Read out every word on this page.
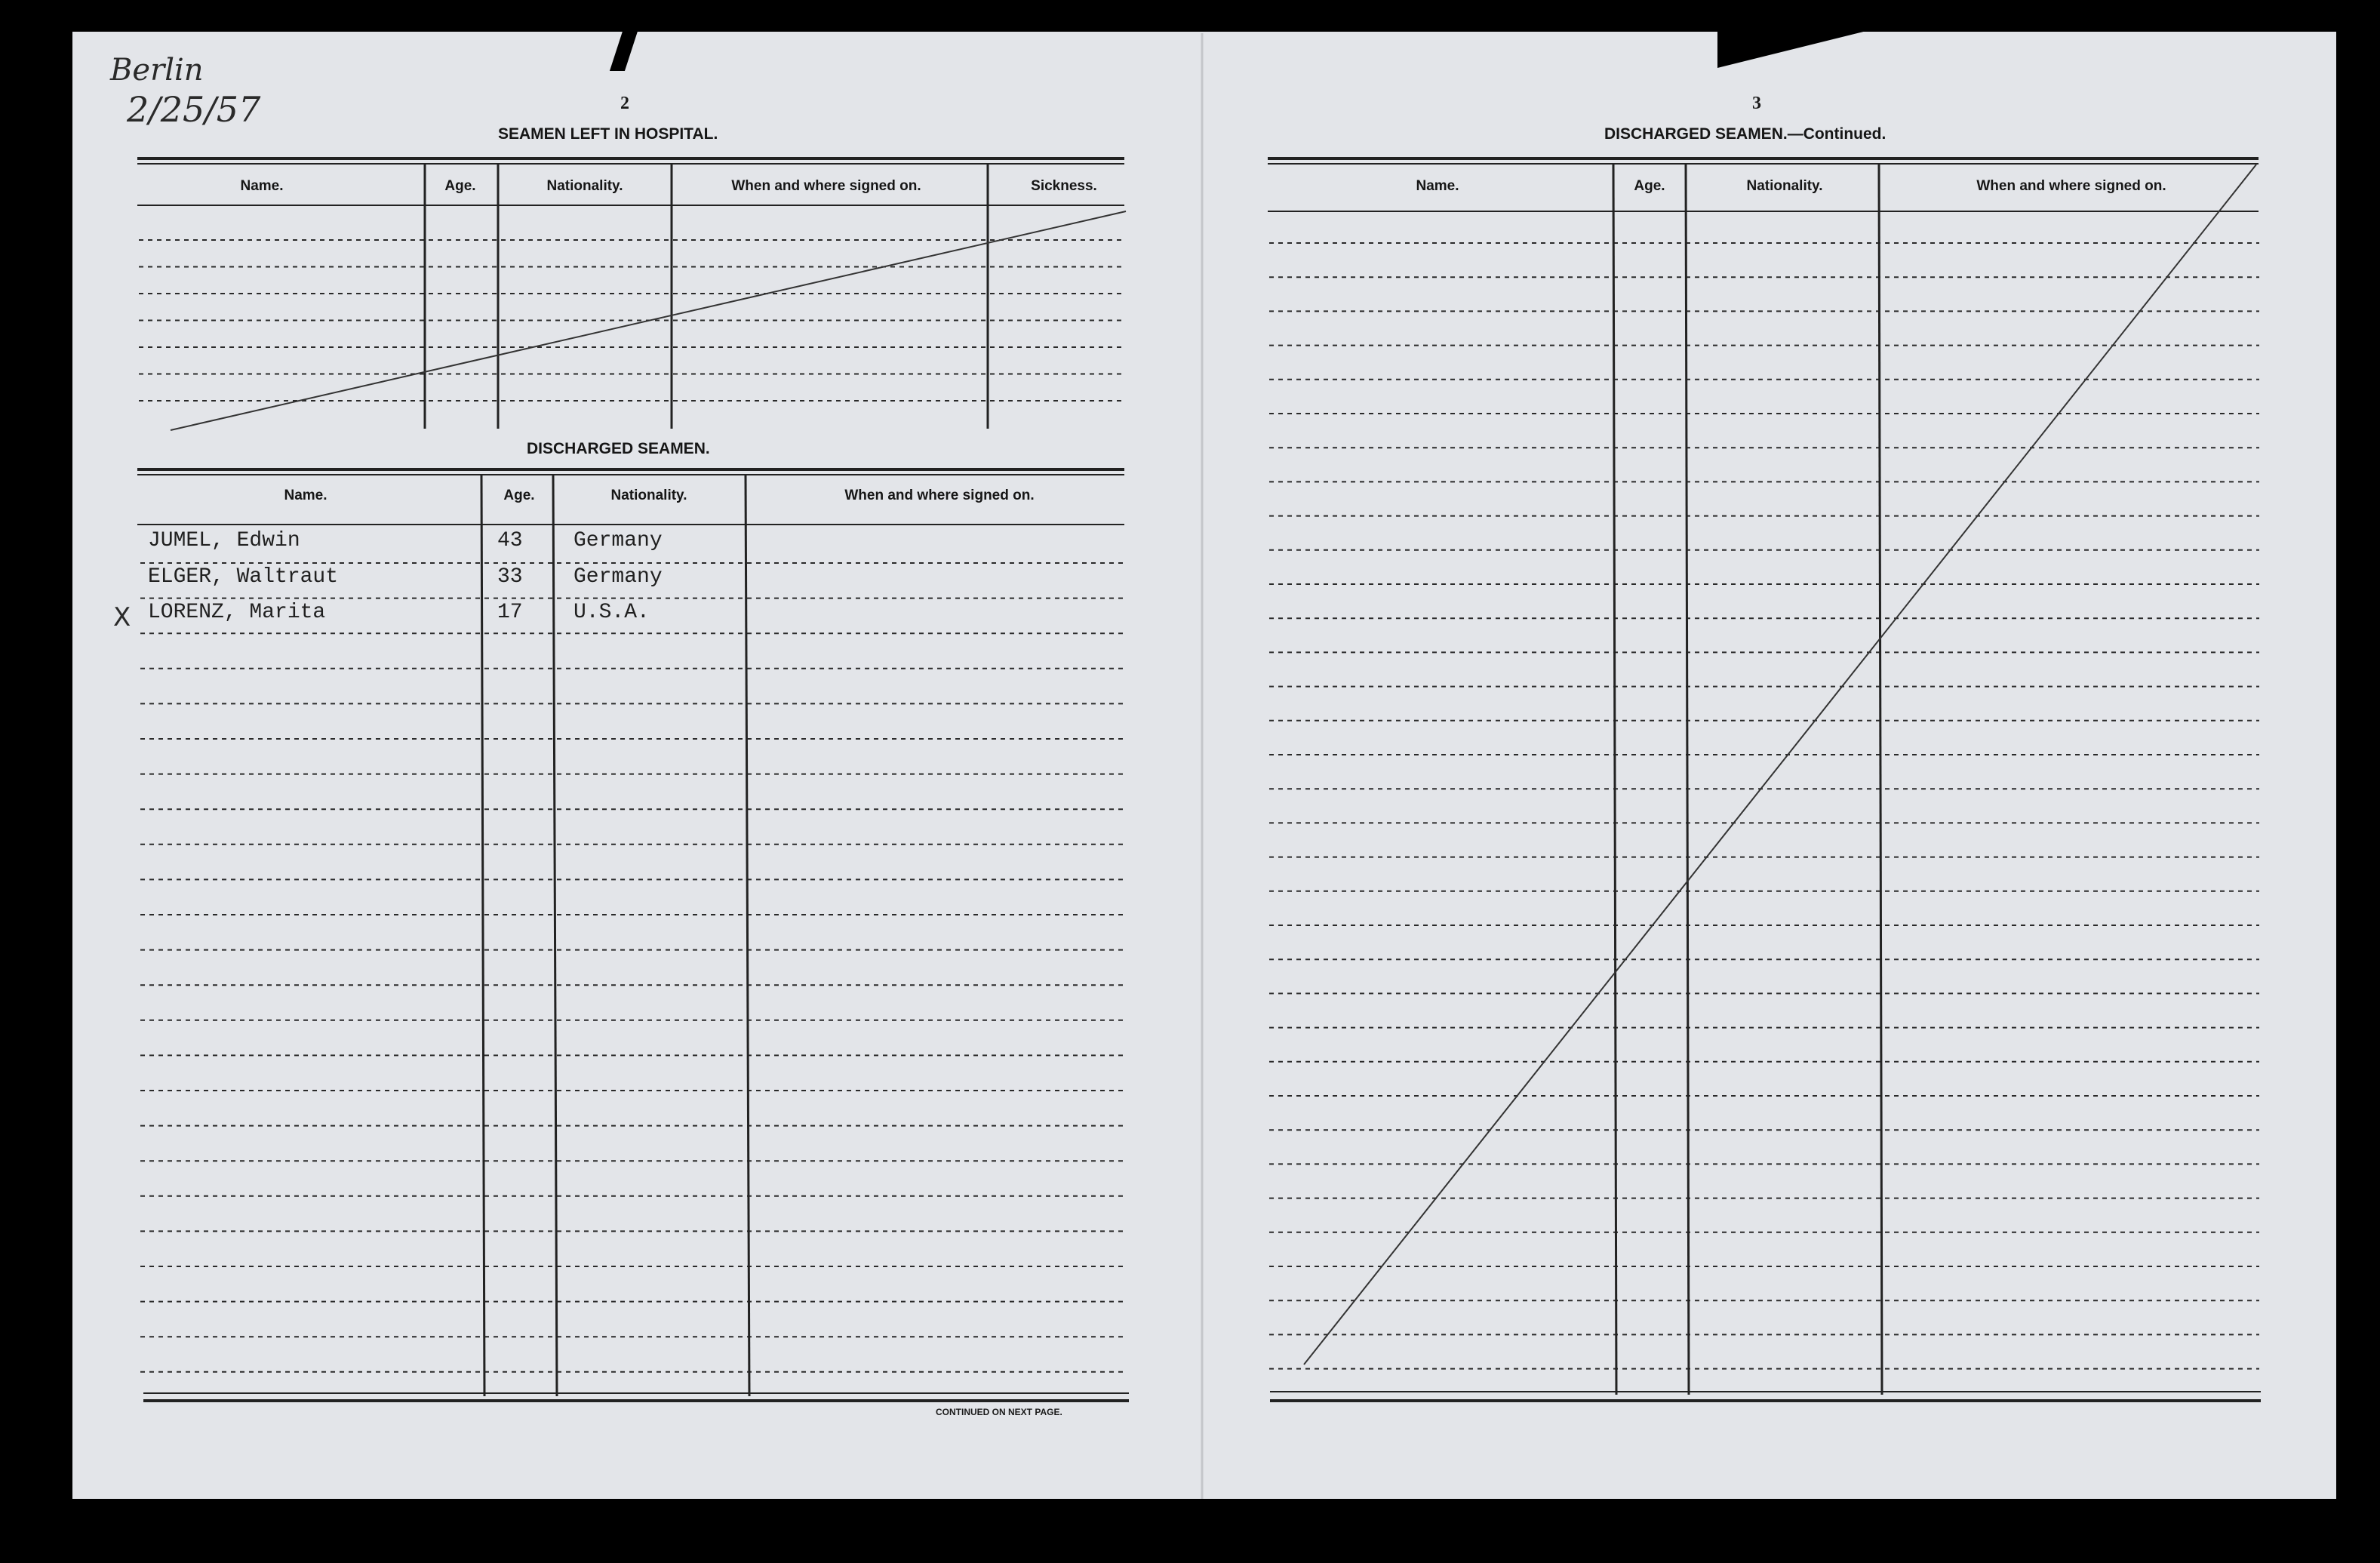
Berlin
2/25/57
X
2
SEAMEN LEFT IN HOSPITAL.
Name.	Age.	Nationality.	When and where signed on.	Sickness.
DISCHARGED SEAMEN.
Name.	Age.	Nationality.	When and where signed on.
JUMEL, Edwin	43 Germany
ELGER, Waltraut	33 Germany
LORENZ, Marita	17 U.S.A.
CONTINUED ON NEXT PAGE.
3
DISCHARGED SEAMEN.—Continued.
Name.	Age.	Nationality.	When and where signed on.
